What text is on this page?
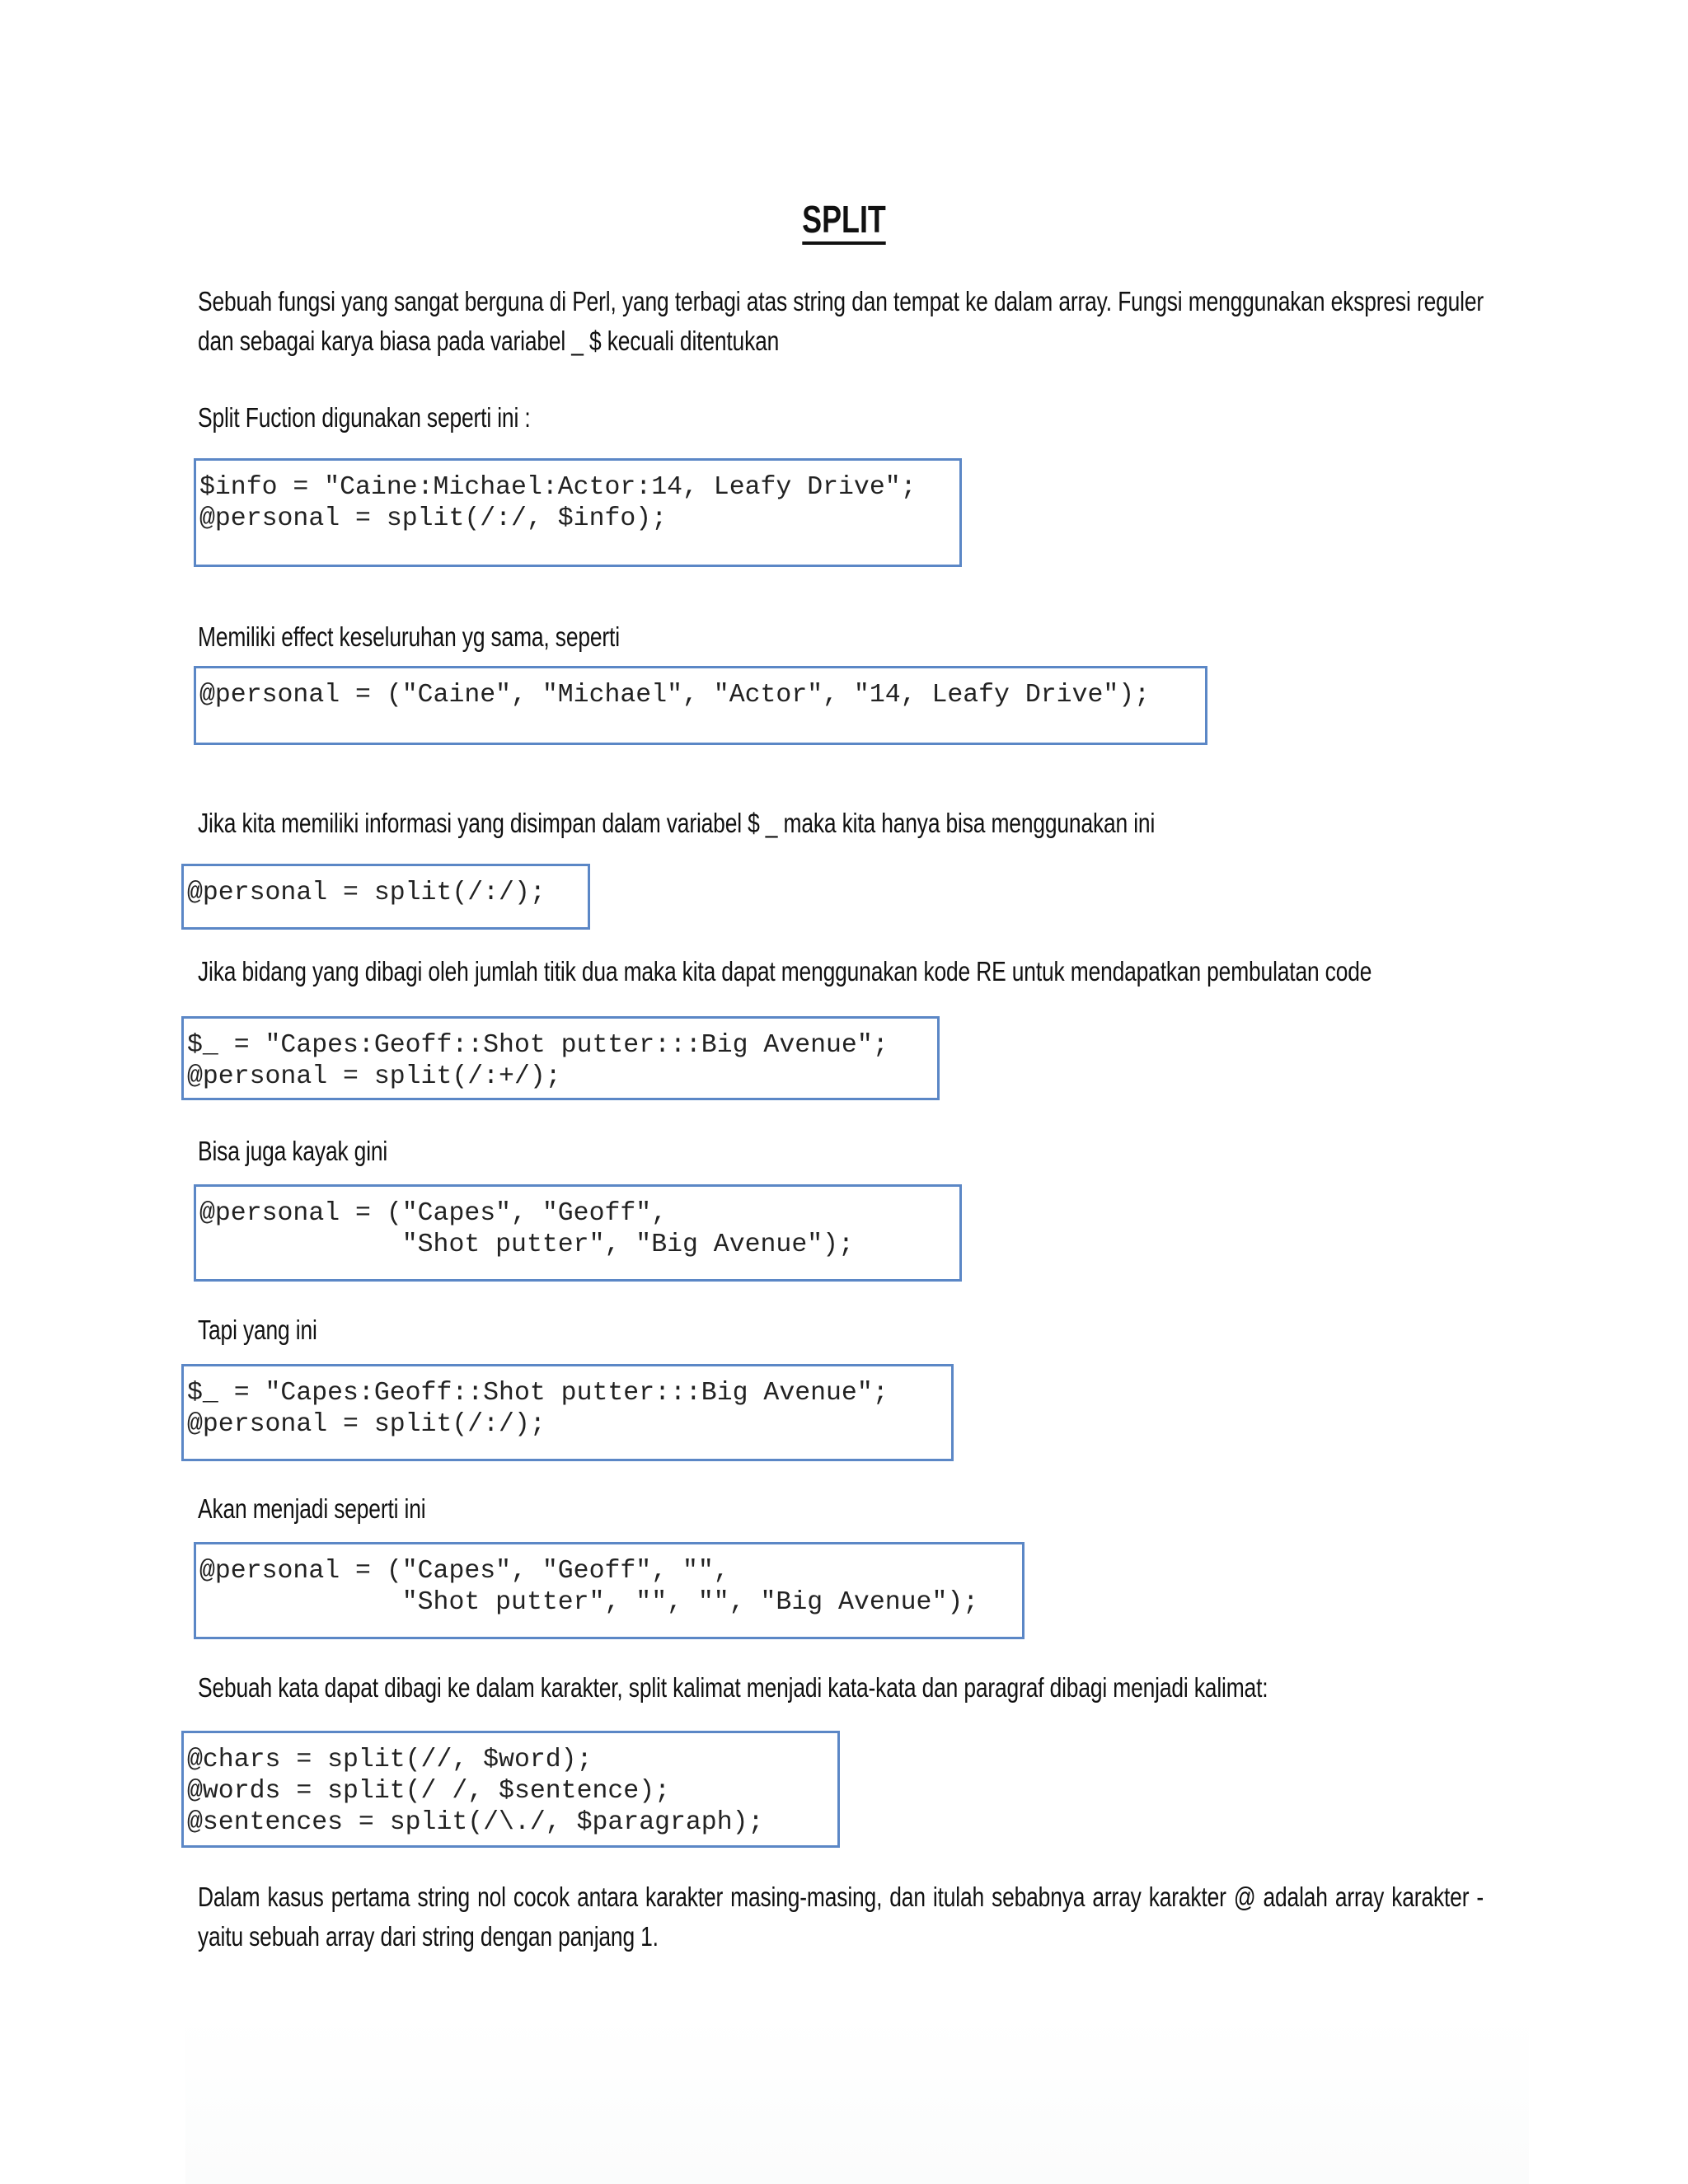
SPLIT

Sebuah fungsi yang sangat berguna di Perl, yang terbagi atas string dan tempat ke dalam array. Fungsi menggunakan ekspresi reguler dan sebagai karya biasa pada variabel _ $ kecuali ditentukan

Split Fuction digunakan seperti ini :

$info = "Caine:Michael:Actor:14, Leafy Drive";
@personal = split(/:/, $info);

Memiliki effect keseluruhan yg sama, seperti

@personal = ("Caine", "Michael", "Actor", "14, Leafy Drive");

Jika kita memiliki informasi yang disimpan dalam variabel $ _ maka kita hanya bisa menggunakan ini

@personal = split(/:/);

Jika bidang yang dibagi oleh jumlah titik dua maka kita dapat menggunakan kode RE untuk mendapatkan pembulatan code

$_ = "Capes:Geoff::Shot putter:::Big Avenue";
@personal = split(/:+/);

Bisa juga kayak gini

@personal = ("Capes", "Geoff",
"Shot putter", "Big Avenue");

Tapi yang ini

$_ = "Capes:Geoff::Shot putter:::Big Avenue";
@personal = split(/:/);

Akan menjadi seperti ini

@personal = ("Capes", "Geoff", "",
"Shot putter", "", "", "Big Avenue");

Sebuah kata dapat dibagi ke dalam karakter, split kalimat menjadi kata-kata dan paragraf dibagi menjadi kalimat:

@chars = split(//, $word);
@words = split(/ /, $sentence);
@sentences = split(/\./, $paragraph);

Dalam kasus pertama string nol cocok antara karakter masing-masing, dan itulah sebabnya array karakter @ adalah array karakter - yaitu sebuah array dari string dengan panjang 1.
